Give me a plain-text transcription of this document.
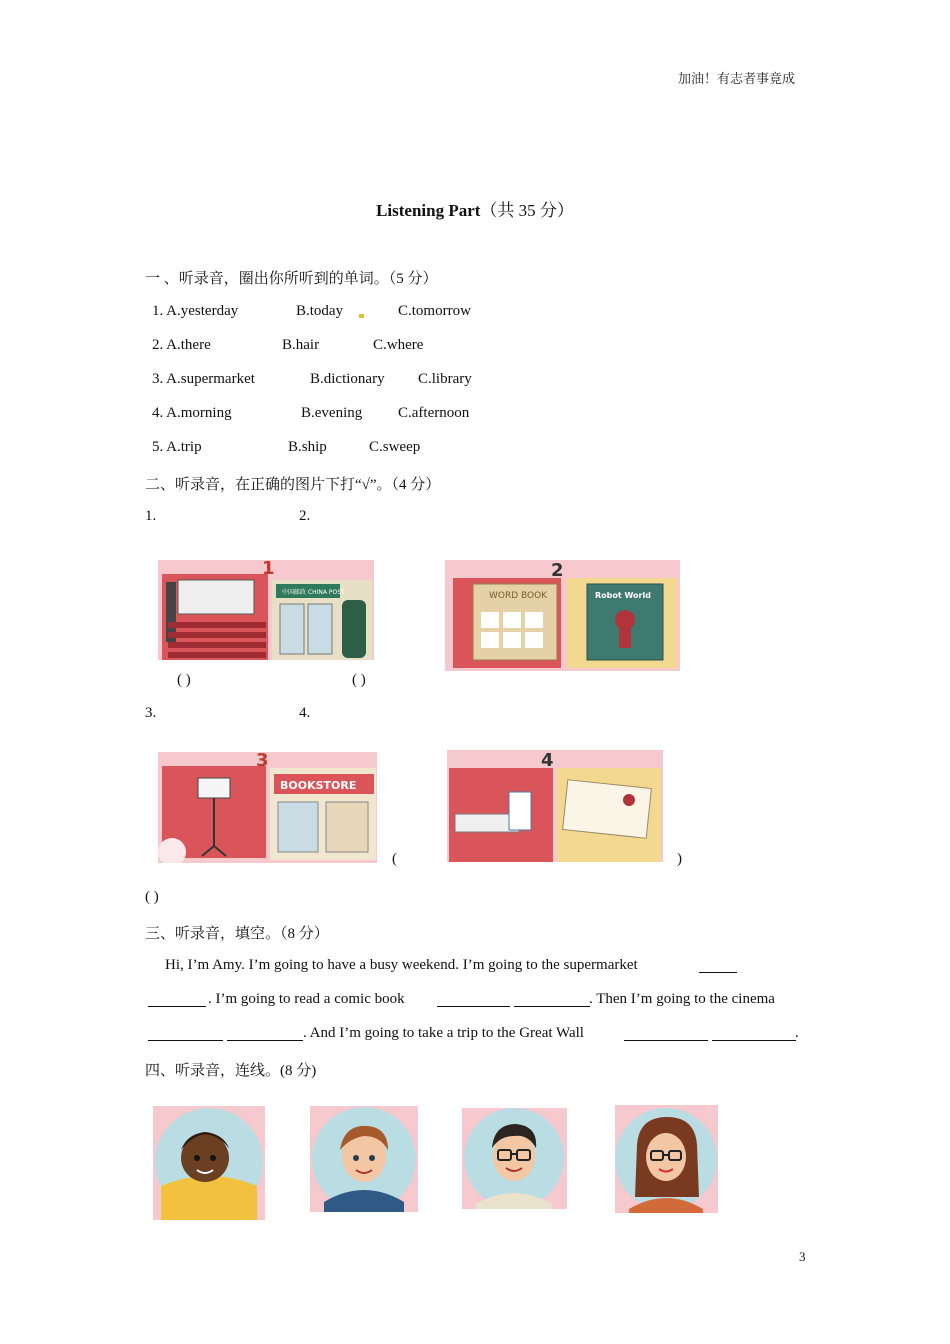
加油！有志者事竟成
Listening Part（共 35 分）
一 、听录音，圈出你所听到的单词。（5 分）
1. A.yesterday	B.today	C.tomorrow
2. A.there	B.hair	C.where
3. A.supermarket	B.dictionary C.library
4. A.morning	B.evening C.afternoon
5. A.trip	B.ship	C.sweep
二、听录音，在正确的图片下打“√”。（4 分）
1.	2.
中国邮政 CHINA POST
1
WORD BOOK	Robot World
2
( )	( )
3.	4.
BOOKSTORE
3
(
4
)
( )
三、听录音，填空。（8 分）
Hi, I’m Amy. I’m going to have a busy weekend. I’m going to the supermarket
. I’m going to read a comic book	. Then I’m going to the cinema
. And I’m going to take a trip to the Great Wall	.
四、听录音，连线。(8 分)
3
